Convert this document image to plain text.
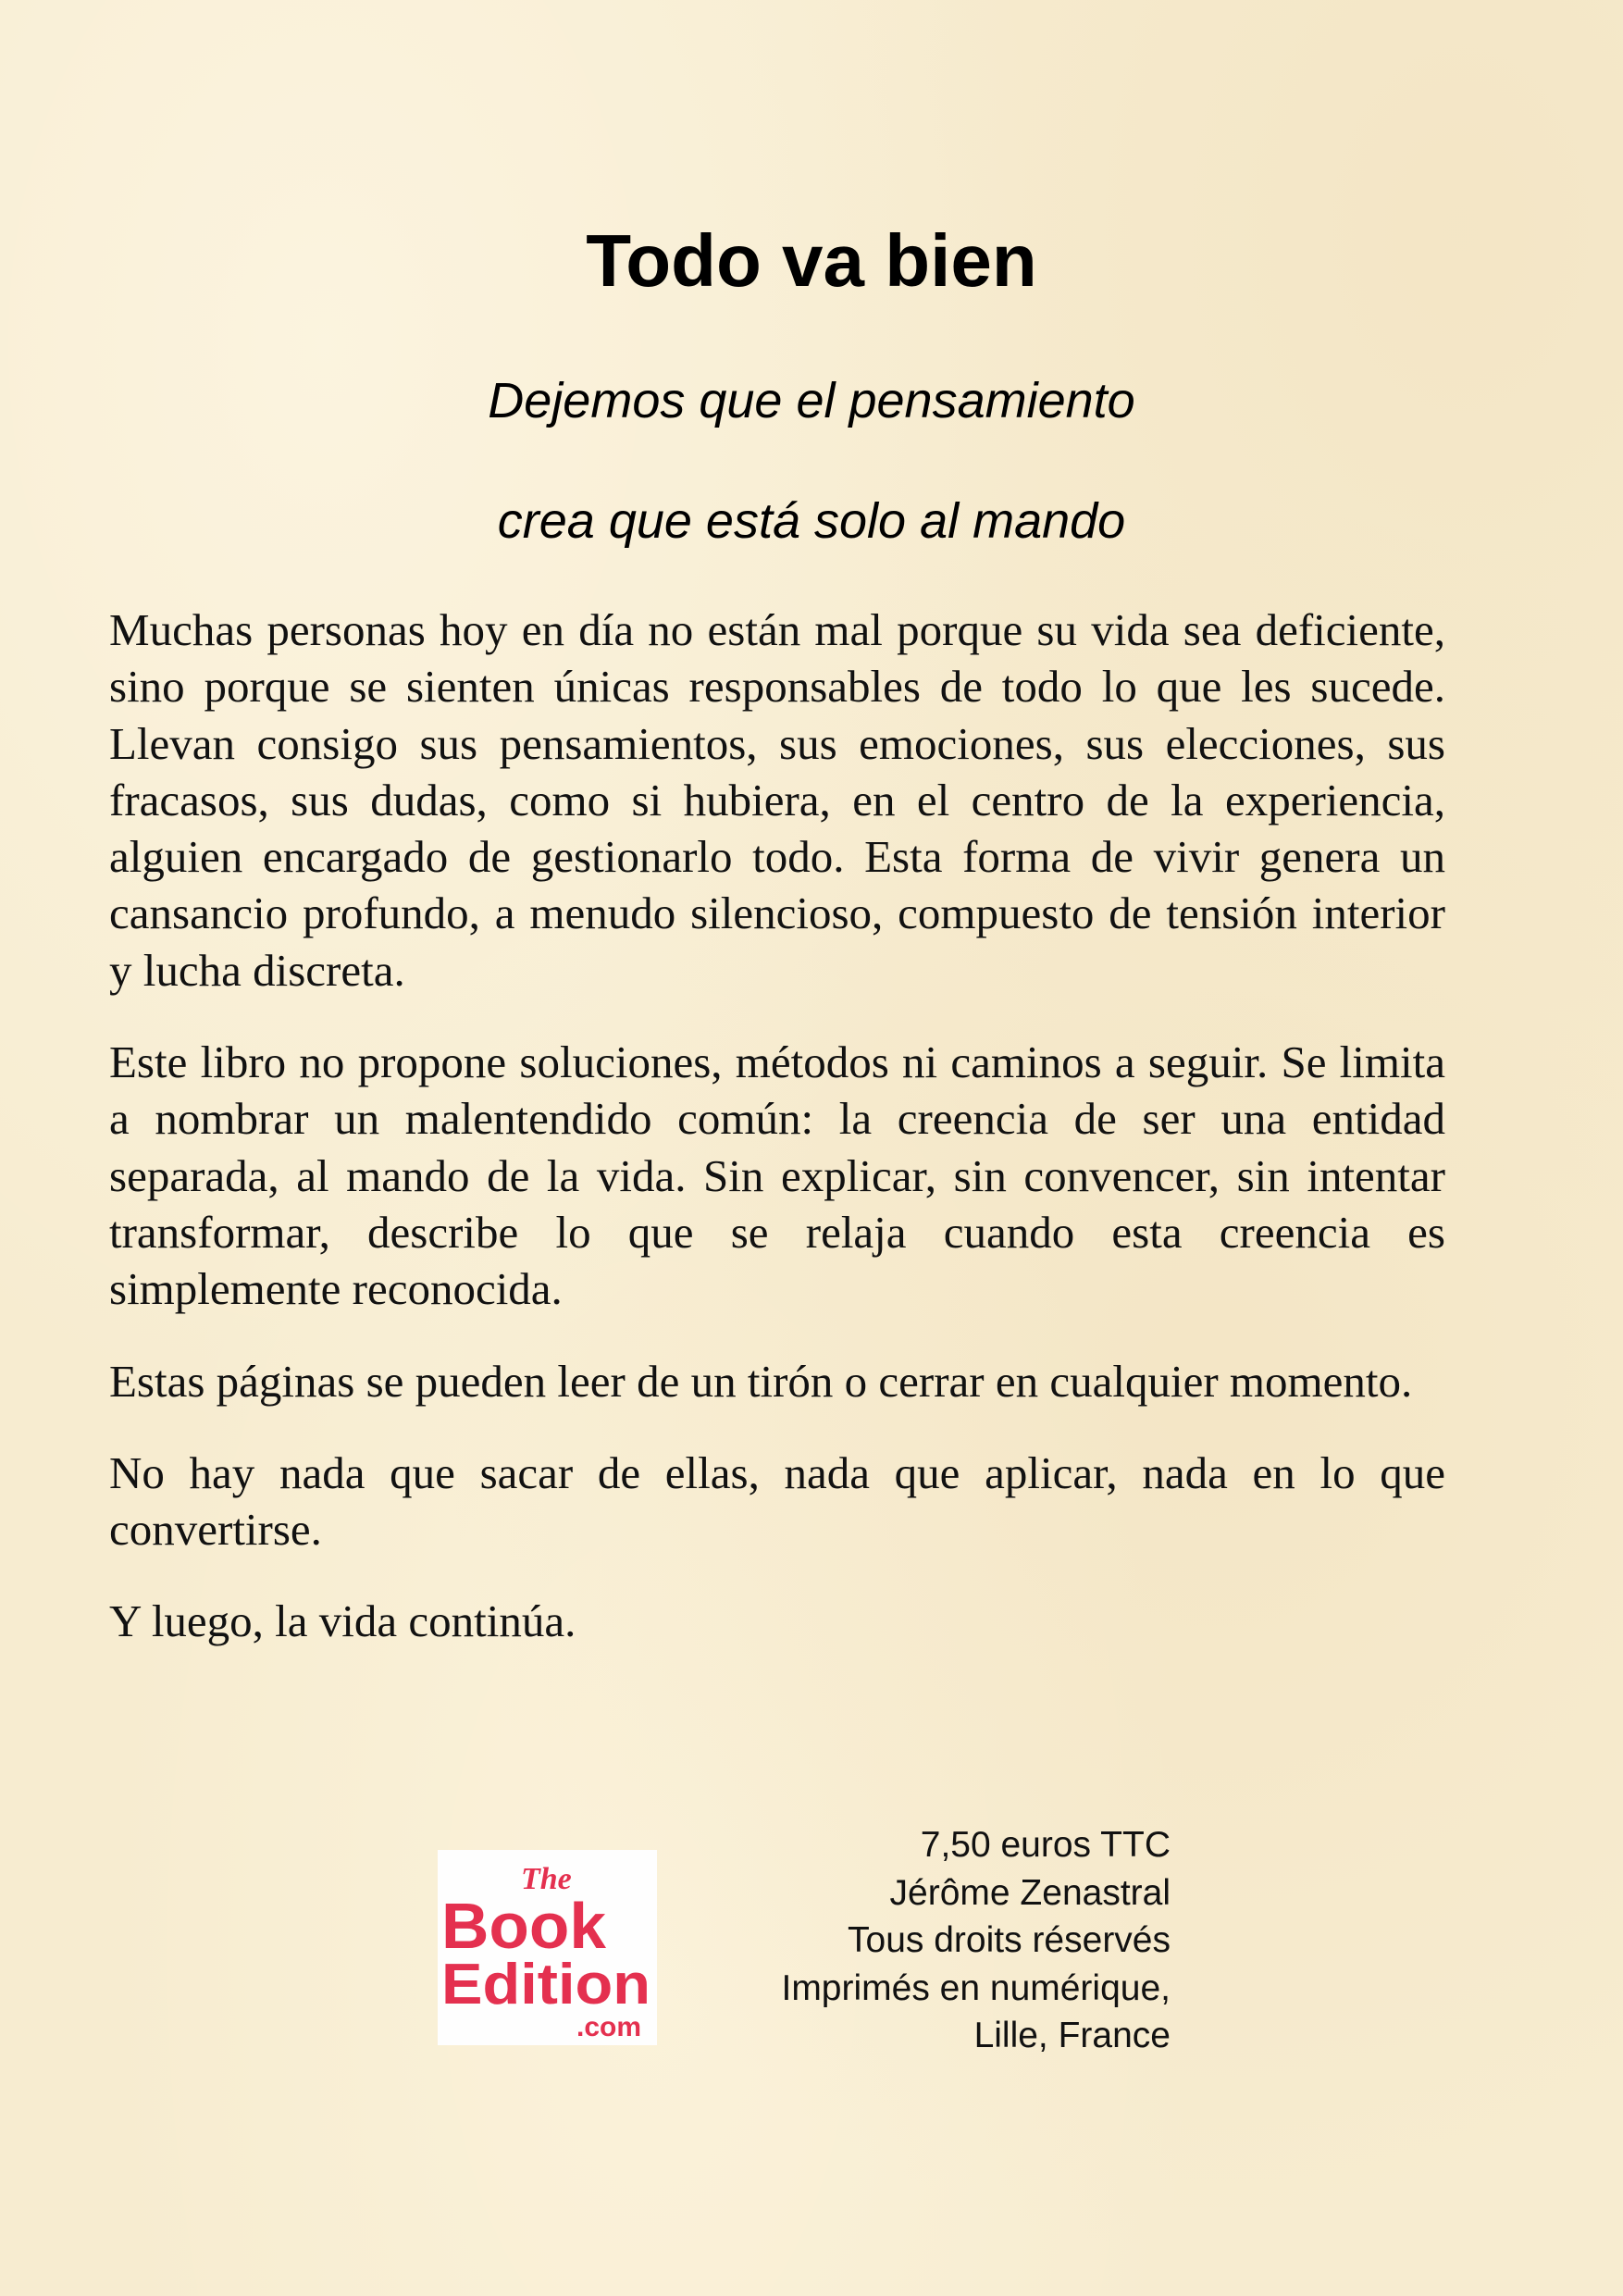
Todo va bien
Dejemos que el pensamiento
crea que está solo al mando

Muchas personas hoy en día no están mal porque su vida sea deficiente, sino porque se sienten únicas responsables de todo lo que les sucede. Llevan consigo sus pensamientos, sus emociones, sus elecciones, sus fracasos, sus dudas, como si hubiera, en el centro de la experiencia, alguien encargado de gestionarlo todo. Esta forma de vivir genera un cansancio profundo, a menudo silencioso, compuesto de tensión interior y lucha discreta.

Este libro no propone soluciones, métodos ni caminos a seguir. Se limita a nombrar un malentendido común: la creencia de ser una entidad separada, al mando de la vida. Sin explicar, sin convencer, sin intentar transformar, describe lo que se relaja cuando esta creencia es simplemente reconocida.

Estas páginas se pueden leer de un tirón o cerrar en cualquier momento.

No hay nada que sacar de ellas, nada que aplicar, nada en lo que convertirse.

Y luego, la vida continúa.

The
Book
Edition
.com
7,50 euros TTC
Jérôme Zenastral
Tous droits réservés
Imprimés en numérique,
Lille, France
